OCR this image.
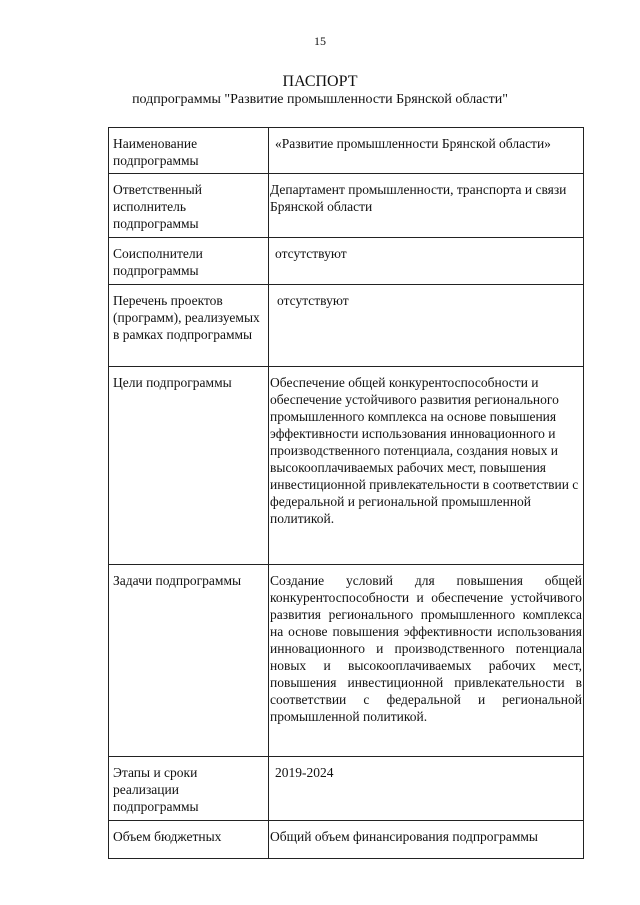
15
ПАСПОРТ
подпрограммы "Развитие промышленности Брянской области"
Наименование подпрограммы	«Развитие промышленности Брянской области»
Ответственный исполнитель подпрограммы	Департамент промышленности, транспорта и связи Брянской области
Соисполнители подпрограммы	отсутствуют
Перечень проектов (программ), реализуемых в рамках подпрограммы	отсутствуют
Цели подпрограммы	Обеспечение общей конкурентоспособности и обеспечение устойчивого развития регионального промышленного комплекса на основе повышения эффективности использования инновационного и производственного потенциала, создания новых и высокооплачиваемых рабочих мест, повышения инвестиционной привлекательности в соответствии с федеральной и региональной промышленной политикой.
Задачи подпрограммы	Создание условий для повышения общей конкурентоспособности и обеспечение устойчивого развития регионального промышленного комплекса на основе повышения эффективности использования инновационного и производственного потенциала новых и высокооплачиваемых рабочих мест, повышения инвестиционной привлекательности в соответствии с федеральной и региональной промышленной политикой.
Этапы и сроки реализации подпрограммы	2019-2024
Объем бюджетных	Общий объем финансирования подпрограммы
